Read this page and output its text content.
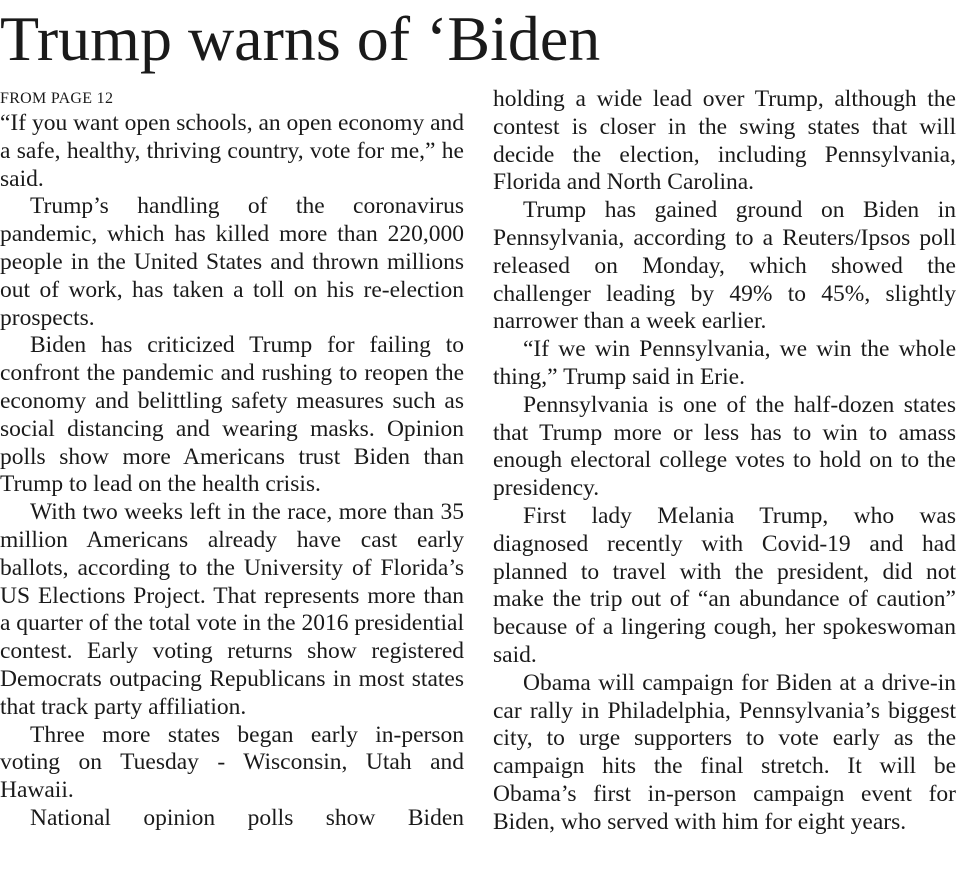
Trump warns of ‘Biden
FROM PAGE 12

“If you want open schools, an open economy and a safe, healthy, thriving country, vote for me,” he said.

Trump’s handling of the coronavirus pandemic, which has killed more than 220,000 people in the United States and thrown millions out of work, has taken a toll on his re-election prospects.

Biden has criticized Trump for failing to confront the pandemic and rushing to reopen the economy and belittling safety measures such as social distancing and wearing masks. Opinion polls show more Americans trust Biden than Trump to lead on the health crisis.

With two weeks left in the race, more than 35 million Americans already have cast early ballots, according to the University of Florida’s US Elections Project. That represents more than a quarter of the total vote in the 2016 presidential contest. Early voting returns show registered Democrats outpacing Republicans in most states that track party affiliation.

Three more states began early in-person voting on Tuesday - Wisconsin, Utah and Hawaii.

National opinion polls show Biden

holding a wide lead over Trump, although the contest is closer in the swing states that will decide the election, including Pennsylvania, Florida and North Carolina.

Trump has gained ground on Biden in Pennsylvania, according to a Reuters/Ipsos poll released on Monday, which showed the challenger leading by 49% to 45%, slightly narrower than a week earlier.

“If we win Pennsylvania, we win the whole thing,” Trump said in Erie.

Pennsylvania is one of the half-dozen states that Trump more or less has to win to amass enough electoral college votes to hold on to the presidency.

First lady Melania Trump, who was diagnosed recently with Covid-19 and had planned to travel with the president, did not make the trip out of “an abundance of caution” because of a lingering cough, her spokeswoman said.

Obama will campaign for Biden at a drive-in car rally in Philadelphia, Pennsylvania’s biggest city, to urge supporters to vote early as the campaign hits the final stretch. It will be Obama’s first in-person campaign event for Biden, who served with him for eight years.
